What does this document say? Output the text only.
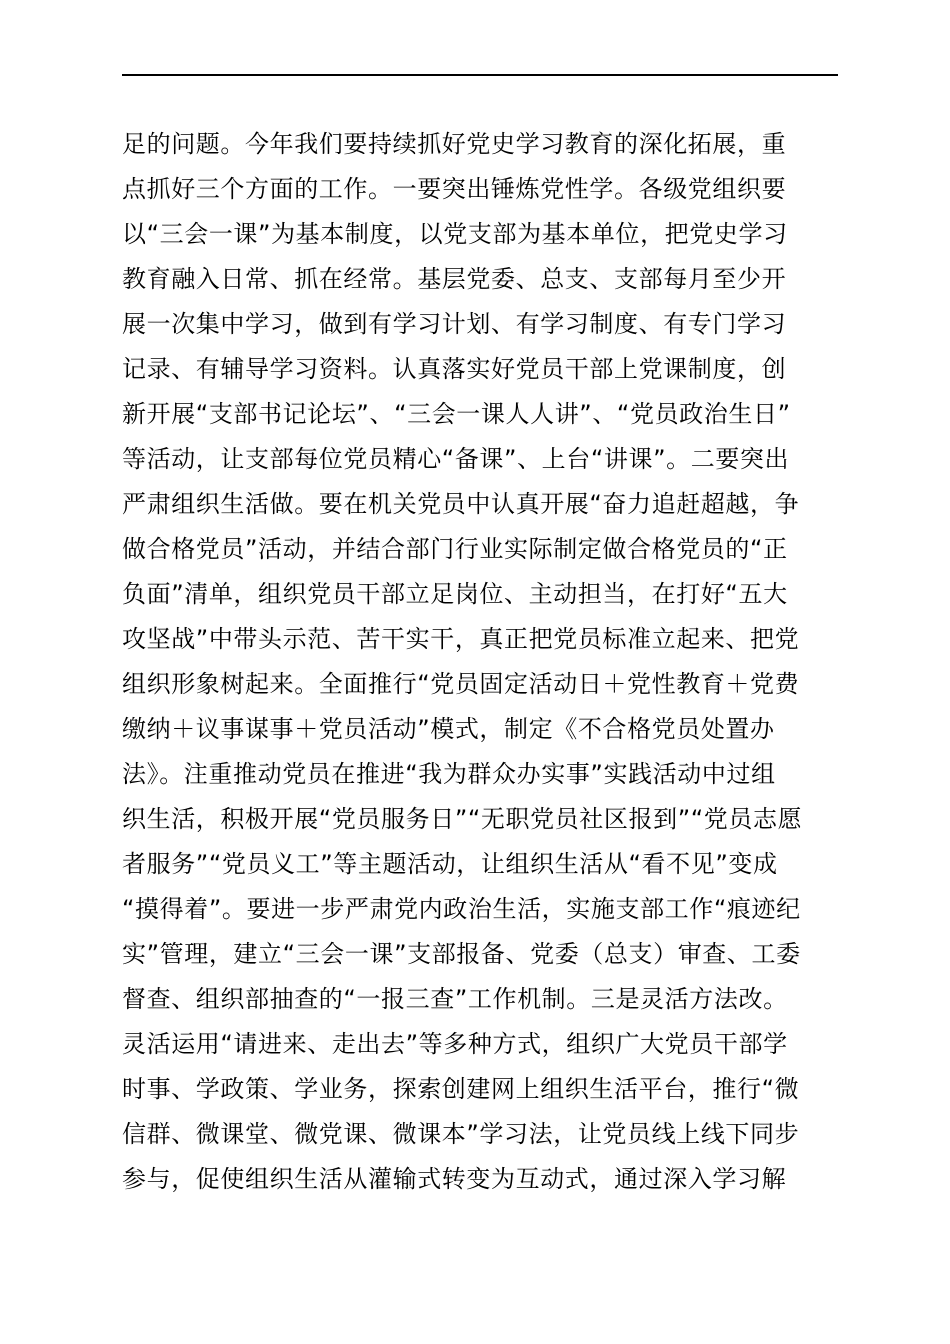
足的问题。今年我们要持续抓好党史学习教育的深化拓展，重
点抓好三个方面的工作。一要突出锤炼党性学。各级党组织要
以“三会一课”为基本制度，以党支部为基本单位，把党史学习
教育融入日常、抓在经常。基层党委、总支、支部每月至少开
展一次集中学习，做到有学习计划、有学习制度、有专门学习
记录、有辅导学习资料。认真落实好党员干部上党课制度，创
新开展“支部书记论坛”、“三会一课人人讲”、“党员政治生日”
等活动，让支部每位党员精心“备课”、上台“讲课”。二要突出
严肃组织生活做。要在机关党员中认真开展“奋力追赶超越，争
做合格党员”活动，并结合部门行业实际制定做合格党员的“正
负面”清单，组织党员干部立足岗位、主动担当，在打好“五大
攻坚战”中带头示范、苦干实干，真正把党员标准立起来、把党
组织形象树起来。全面推行“党员固定活动日＋党性教育＋党费
缴纳＋议事谋事＋党员活动”模式，制定《不合格党员处置办
法》。注重推动党员在推进“我为群众办实事”实践活动中过组
织生活，积极开展“党员服务日”“无职党员社区报到”“党员志愿
者服务”“党员义工”等主题活动，让组织生活从“看不见”变成
“摸得着”。要进一步严肃党内政治生活，实施支部工作“痕迹纪
实”管理，建立“三会一课”支部报备、党委（总支）审查、工委
督查、组织部抽查的“一报三查”工作机制。三是灵活方法改。
灵活运用“请进来、走出去”等多种方式，组织广大党员干部学
时事、学政策、学业务，探索创建网上组织生活平台，推行“微
信群、微课堂、微党课、微课本”学习法，让党员线上线下同步
参与，促使组织生活从灌输式转变为互动式，通过深入学习解
